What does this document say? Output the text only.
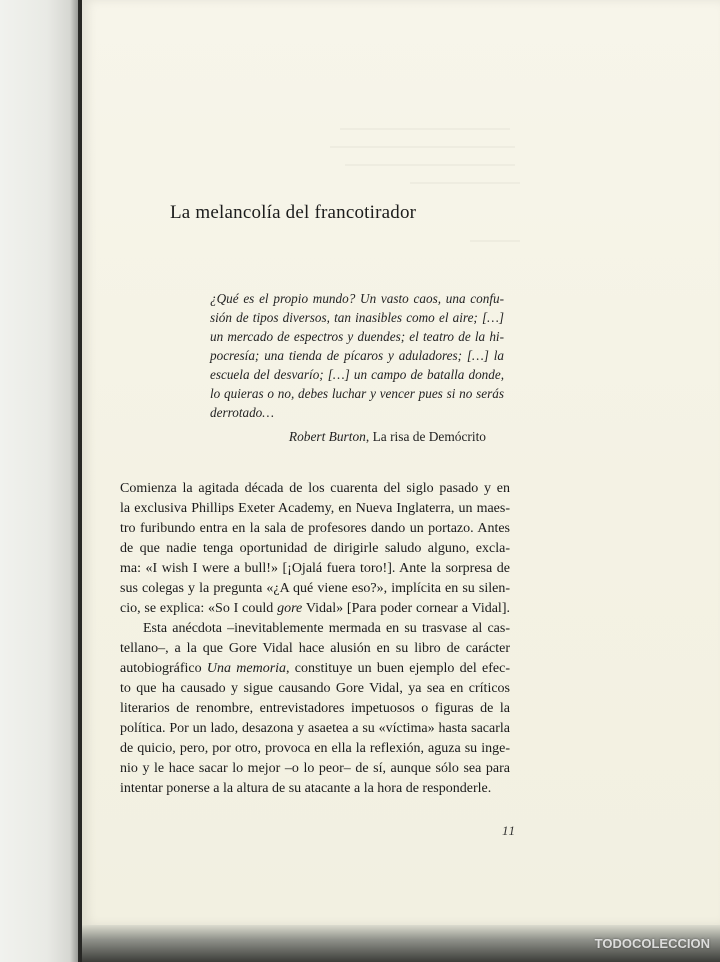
La melancolía del francotirador
¿Qué es el propio mundo? Un vasto caos, una confu-
sión de tipos diversos, tan inasibles como el aire; […]
un mercado de espectros y duendes; el teatro de la hi-
pocresía; una tienda de pícaros y aduladores; […] la
escuela del desvarío; […] un campo de batalla donde,
lo quieras o no, debes luchar y vencer pues si no serás
derrotado…
Robert Burton, La risa de Demócrito
Comienza la agitada década de los cuarenta del siglo pasado y en
la exclusiva Phillips Exeter Academy, en Nueva Inglaterra, un maes-
tro furibundo entra en la sala de profesores dando un portazo. Antes
de que nadie tenga oportunidad de dirigirle saludo alguno, excla-
ma: «I wish I were a bull!» [¡Ojalá fuera toro!]. Ante la sorpresa de
sus colegas y la pregunta «¿A qué viene eso?», implícita en su silen-
cio, se explica: «So I could gore Vidal» [Para poder cornear a Vidal].
Esta anécdota –inevitablemente mermada en su trasvase al cas-
tellano–, a la que Gore Vidal hace alusión en su libro de carácter
autobiográfico Una memoria, constituye un buen ejemplo del efec-
to que ha causado y sigue causando Gore Vidal, ya sea en críticos
literarios de renombre, entrevistadores impetuosos o figuras de la
política. Por un lado, desazona y asaetea a su «víctima» hasta sacarla
de quicio, pero, por otro, provoca en ella la reflexión, aguza su inge-
nio y le hace sacar lo mejor –o lo peor– de sí, aunque sólo sea para
intentar ponerse a la altura de su atacante a la hora de responderle.
11
TODOCOLECCION
